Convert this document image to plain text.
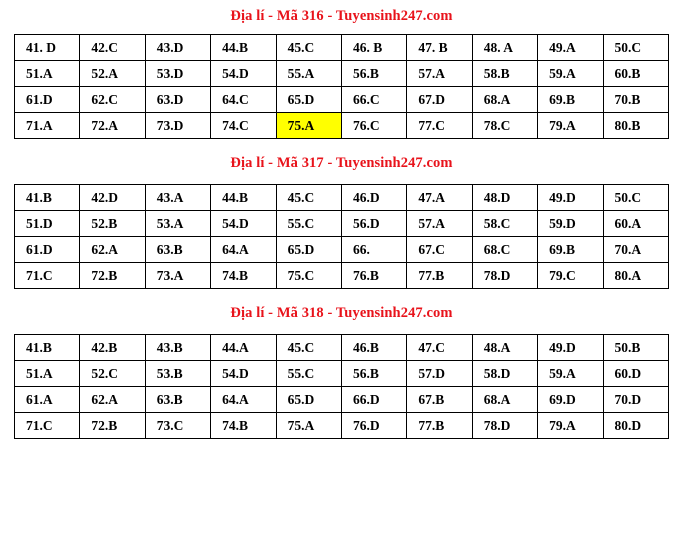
Địa lí - Mã 316 - Tuyensinh247.com
41. D	42.C	43.D	44.B	45.C	46. B	47. B	48. A	49.A	50.C
51.A	52.A	53.D	54.D	55.A	56.B	57.A	58.B	59.A	60.B
61.D	62.C	63.D	64.C	65.D	66.C	67.D	68.A	69.B	70.B
71.A	72.A	73.D	74.C	75.A	76.C	77.C	78.C	79.A	80.B
Địa lí - Mã 317 - Tuyensinh247.com
41.B	42.D	43.A	44.B	45.C	46.D	47.A	48.D	49.D	50.C
51.D	52.B	53.A	54.D	55.C	56.D	57.A	58.C	59.D	60.A
61.D	62.A	63.B	64.A	65.D	66.	67.C	68.C	69.B	70.A
71.C	72.B	73.A	74.B	75.C	76.B	77.B	78.D	79.C	80.A
Địa lí - Mã 318 - Tuyensinh247.com
41.B	42.B	43.B	44.A	45.C	46.B	47.C	48.A	49.D	50.B
51.A	52.C	53.B	54.D	55.C	56.B	57.D	58.D	59.A	60.D
61.A	62.A	63.B	64.A	65.D	66.D	67.B	68.A	69.D	70.D
71.C	72.B	73.C	74.B	75.A	76.D	77.B	78.D	79.A	80.D
